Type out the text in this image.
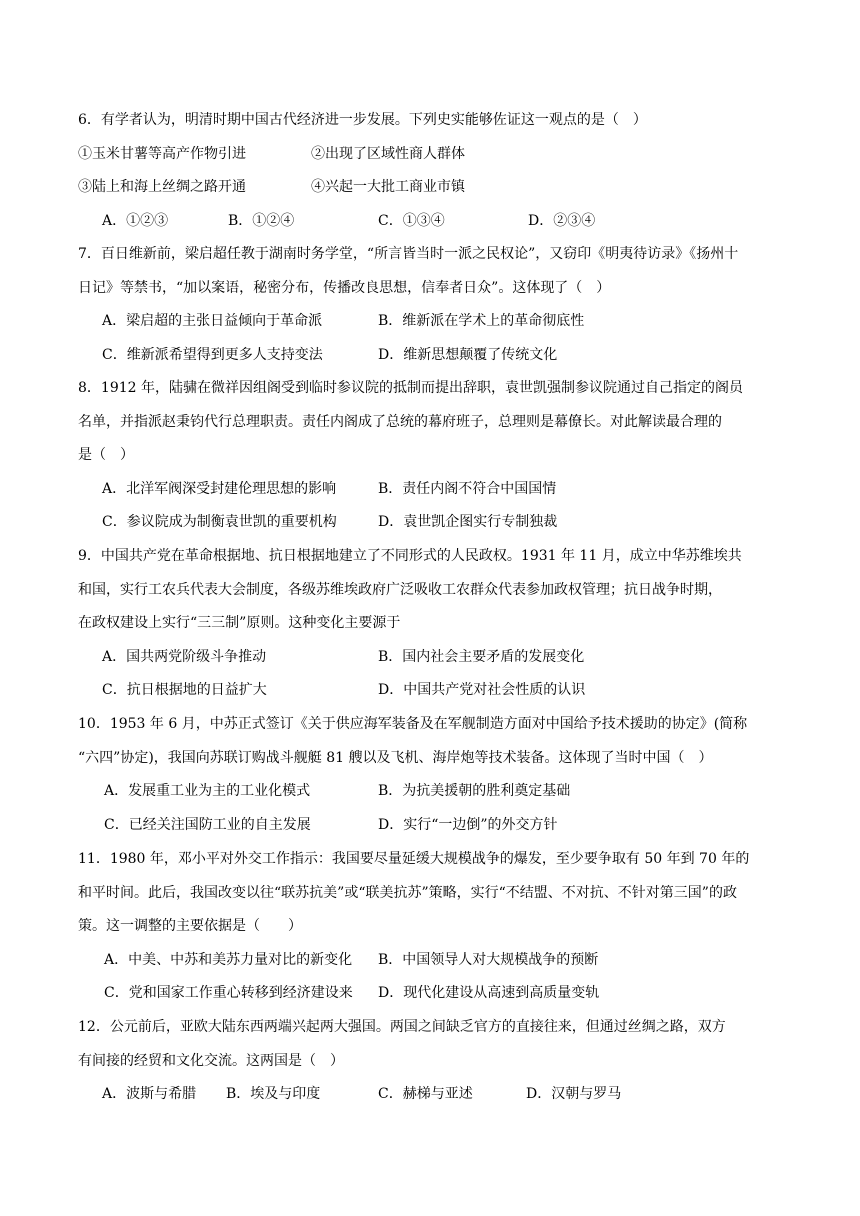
6．有学者认为，明清时期中国古代经济进一步发展。下列史实能够佐证这一观点的是（　）
①玉米甘薯等高产作物引进	②出现了区域性商人群体
③陆上和海上丝绸之路开通	④兴起一大批工商业市镇
A．①②③	B．①②④	C．①③④	D．②③④
7．百日维新前，梁启超任教于湖南时务学堂，“所言皆当时一派之民权论”，又窃印《明夷待访录》《扬州十
日记》等禁书，“加以案语，秘密分布，传播改良思想，信奉者日众”。这体现了（　）
A．梁启超的主张日益倾向于革命派	B．维新派在学术上的革命彻底性
C．维新派希望得到更多人支持变法	D．维新思想颠覆了传统文化
8．1912 年，陆骕在微祥因组阁受到临时参议院的抵制而提出辞职，袁世凯强制参议院通过自己指定的阁员
名单，并指派赵秉钧代行总理职责。责任内阁成了总统的幕府班子，总理则是幕僚长。对此解读最合理的
是（　）
A．北洋军阀深受封建伦理思想的影响	B．责任内阁不符合中国国情
C．参议院成为制衡袁世凯的重要机构	D．袁世凯企图实行专制独裁
9．中国共产党在革命根据地、抗日根据地建立了不同形式的人民政权。1931 年 11 月，成立中华苏维埃共
和国，实行工农兵代表大会制度，各级苏维埃政府广泛吸收工农群众代表参加政权管理；抗日战争时期，
在政权建设上实行“三三制”原则。这种变化主要源于
A．国共两党阶级斗争推动	B．国内社会主要矛盾的发展变化
C．抗日根据地的日益扩大	D．中国共产党对社会性质的认识
10．1953 年 6 月，中苏正式签订《关于供应海军装备及在军舰制造方面对中国给予技术援助的协定》(简称
“六四”协定)，我国向苏联订购战斗舰艇 81 艘以及飞机、海岸炮等技术装备。这体现了当时中国（　）
A．发展重工业为主的工业化模式	B．为抗美援朝的胜利奠定基础
C．已经关注国防工业的自主发展	D．实行“一边倒”的外交方针
11．1980 年，邓小平对外交工作指示：我国要尽量延缓大规模战争的爆发，至少要争取有 50 年到 70 年的
和平时间。此后，我国改变以往“联苏抗美”或“联美抗苏”策略，实行“不结盟、不对抗、不针对第三国”的政
策。这一调整的主要依据是（　　）
A．中美、中苏和美苏力量对比的新变化 B．中国领导人对大规模战争的预断
C．党和国家工作重心转移到经济建设来 D．现代化建设从高速到高质量变轨
12．公元前后，亚欧大陆东西两端兴起两大强国。两国之间缺乏官方的直接往来，但通过丝绸之路，双方
有间接的经贸和文化交流。这两国是（　）
A．波斯与希腊 B．埃及与印度	C．赫梯与亚述	D．汉朝与罗马
